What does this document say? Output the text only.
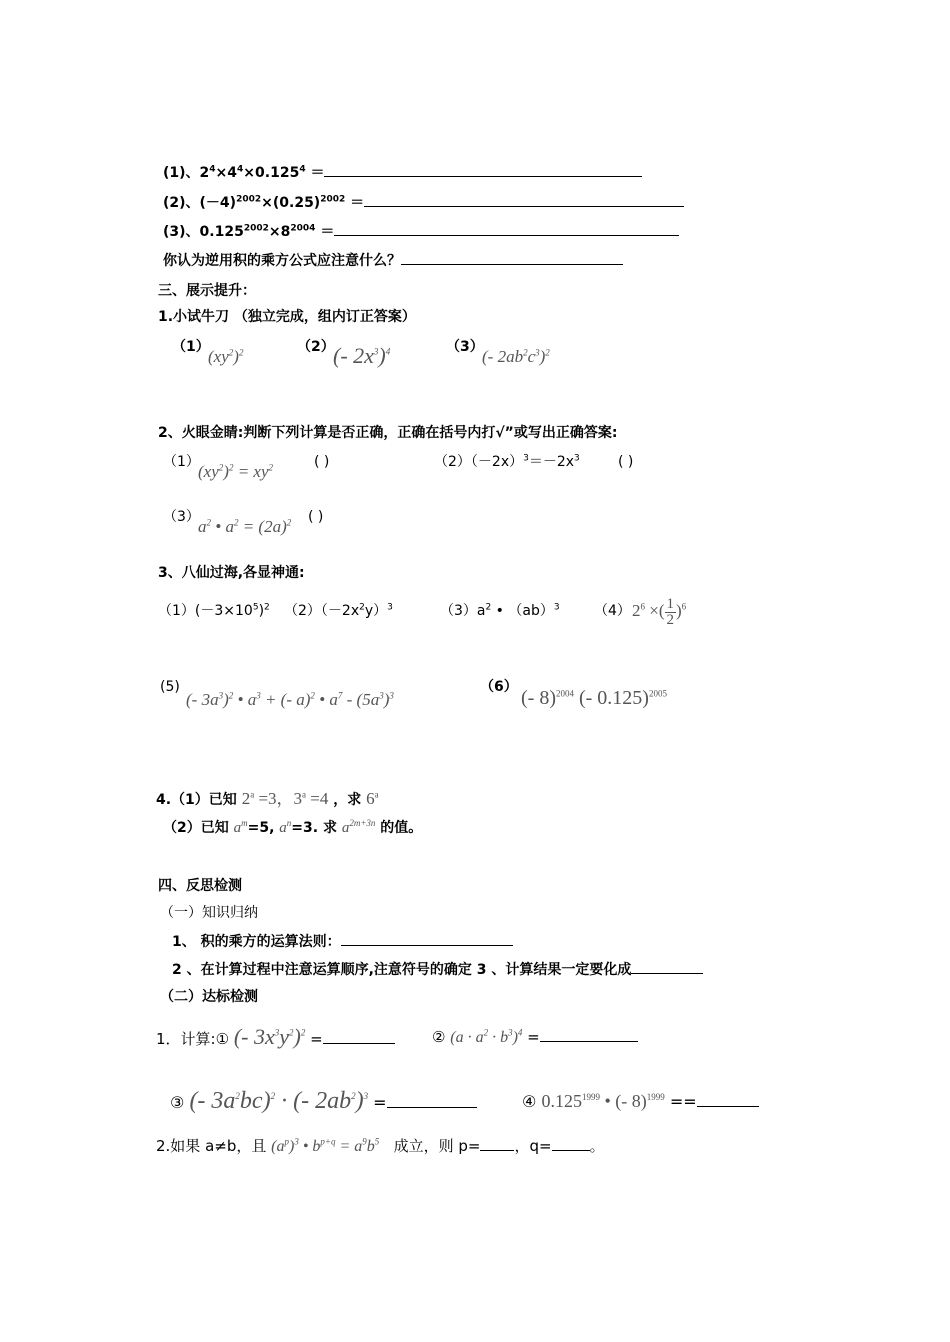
(1)、$2^4\times 4^4\times 0.125^4$ ＝
(2)、$(-4)^{2002}\times(0.25)^{2002}$ ＝
(3)、$0.125^{2002}\times 8^{2004}$ ＝
你认为逆用积的乘方公式应注意什么？
三、展示提升：
1.小试牛刀 （独立完成，组内订正答案）
（1）
$(xy^2)^2$	（2）
(- $2x^3)^4$	（3）
(- $2ab^2c^3)^2$
2、火眼金睛:判断下列计算是否正确，正确在括号内打√”或写出正确答案:
（1）
$(xy^2)^2 = xy^2$	( )	$(2)(-2x)^3=-2x^3$	( )
（3）
$a^2$ • $a^2 = (2a)^2$ ( )
3、八仙过海,各显神通:
$(1)(-3\times 10^5)^2$ $(2)(-2x^2y)^3$	$(3)a^2$ • （ab）$^3$ （4） $2^6$ ×( $\frac{1}{2} )^6$
(5)
(- $3a^3)^2$ • $a^3$ + (- a)$^2$ • $a^7 - (5a^3)^3$
（6） (- 8)$^{2004}$ (- 0.125)$^{2005}$
4.（1）已知 $2^a =3$，$3^a =4$ ，求 6$^a$
（2）已知 $a^m=5$, $a^n=3$. 求 $a^{2m+3n}$ 的值。
四、反思检测
（一）知识归纳
1、 积的乘方的运算法则：
2 、在计算过程中注意运算顺序,注意符号的确定 3 、计算结果一定要化成
（二）达标检测
1．计算:① (- $3x^3y^2)^2$ =	② $(a \cdot a^2 \cdot b^3)^4$ =
③ (- $3a^2bc)^2$ · (- $2ab^2)^3$ =	④ $0.125^{1999}$ • (- 8)$^{1999}$ ==
2.如果 a≠b，且 $(a^p)^3$ • $b^{p+q} = a^9b^5$ 成立，则 p= ，q=	。
